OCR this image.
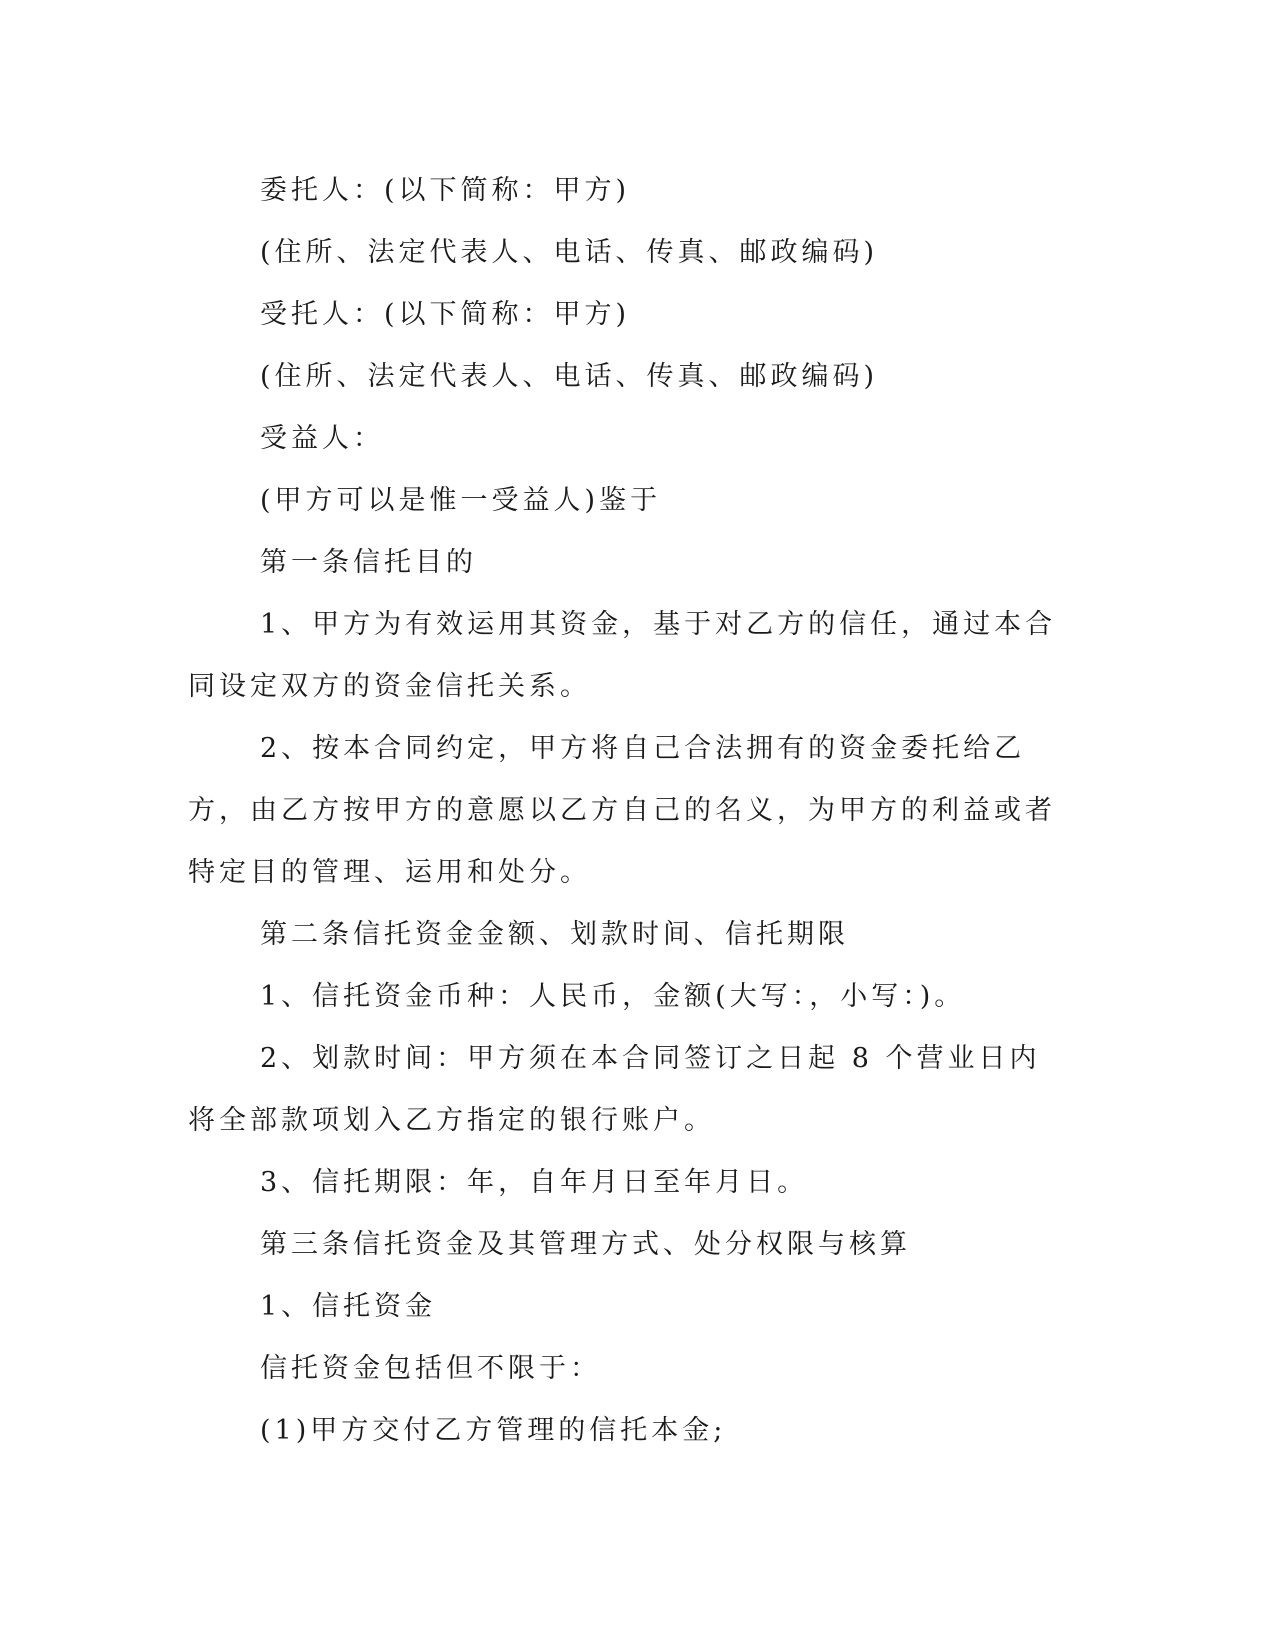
委托人：(以下简称：甲方)

(住所、法定代表人、电话、传真、邮政编码)

受托人：(以下简称：甲方)

(住所、法定代表人、电话、传真、邮政编码)

受益人：

(甲方可以是惟一受益人)鉴于

第一条信托目的

1、甲方为有效运用其资金，基于对乙方的信任，通过本合同设定双方的资金信托关系。

2、按本合同约定，甲方将自己合法拥有的资金委托给乙方，由乙方按甲方的意愿以乙方自己的名义，为甲方的利益或者特定目的管理、运用和处分。

第二条信托资金金额、划款时间、信托期限

1、信托资金币种：人民币，金额(大写：，小写：)。

2、划款时间：甲方须在本合同签订之日起 8 个营业日内将全部款项划入乙方指定的银行账户。

3、信托期限：年，自年月日至年月日。

第三条信托资金及其管理方式、处分权限与核算

1、信托资金

信托资金包括但不限于：

(1)甲方交付乙方管理的信托本金;
